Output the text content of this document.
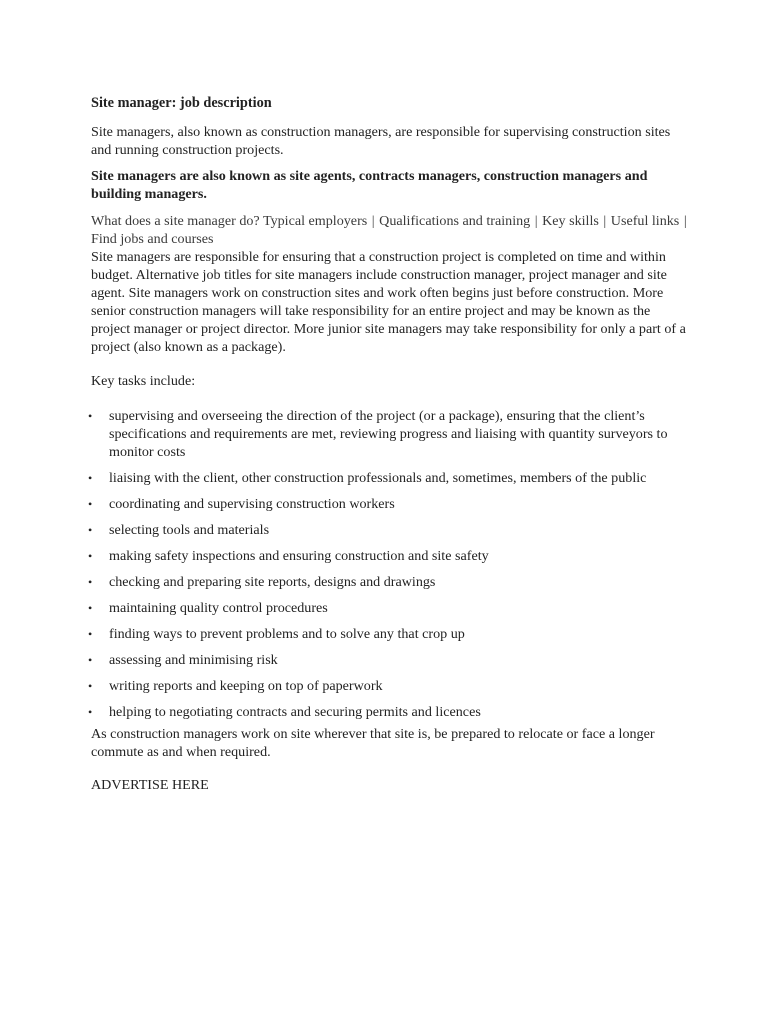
Site manager: job description

Site managers, also known as construction managers, are responsible for supervising construction sites and running construction projects.

Site managers are also known as site agents, contracts managers, construction managers and building managers.

What does a site manager do? Typical employers | Qualifications and training | Key skills | Useful links | Find jobs and courses

Site managers are responsible for ensuring that a construction project is completed on time and within budget. Alternative job titles for site managers include construction manager, project manager and site agent. Site managers work on construction sites and work often begins just before construction. More senior construction managers will take responsibility for an entire project and may be known as the project manager or project director. More junior site managers may take responsibility for only a part of a project (also known as a package).

Key tasks include:

• supervising and overseeing the direction of the project (or a package), ensuring that the client’s specifications and requirements are met, reviewing progress and liaising with quantity surveyors to monitor costs
• liaising with the client, other construction professionals and, sometimes, members of the public
• coordinating and supervising construction workers
• selecting tools and materials
• making safety inspections and ensuring construction and site safety
• checking and preparing site reports, designs and drawings
• maintaining quality control procedures
• finding ways to prevent problems and to solve any that crop up
• assessing and minimising risk
• writing reports and keeping on top of paperwork
• helping to negotiating contracts and securing permits and licences

As construction managers work on site wherever that site is, be prepared to relocate or face a longer commute as and when required.

ADVERTISE HERE
